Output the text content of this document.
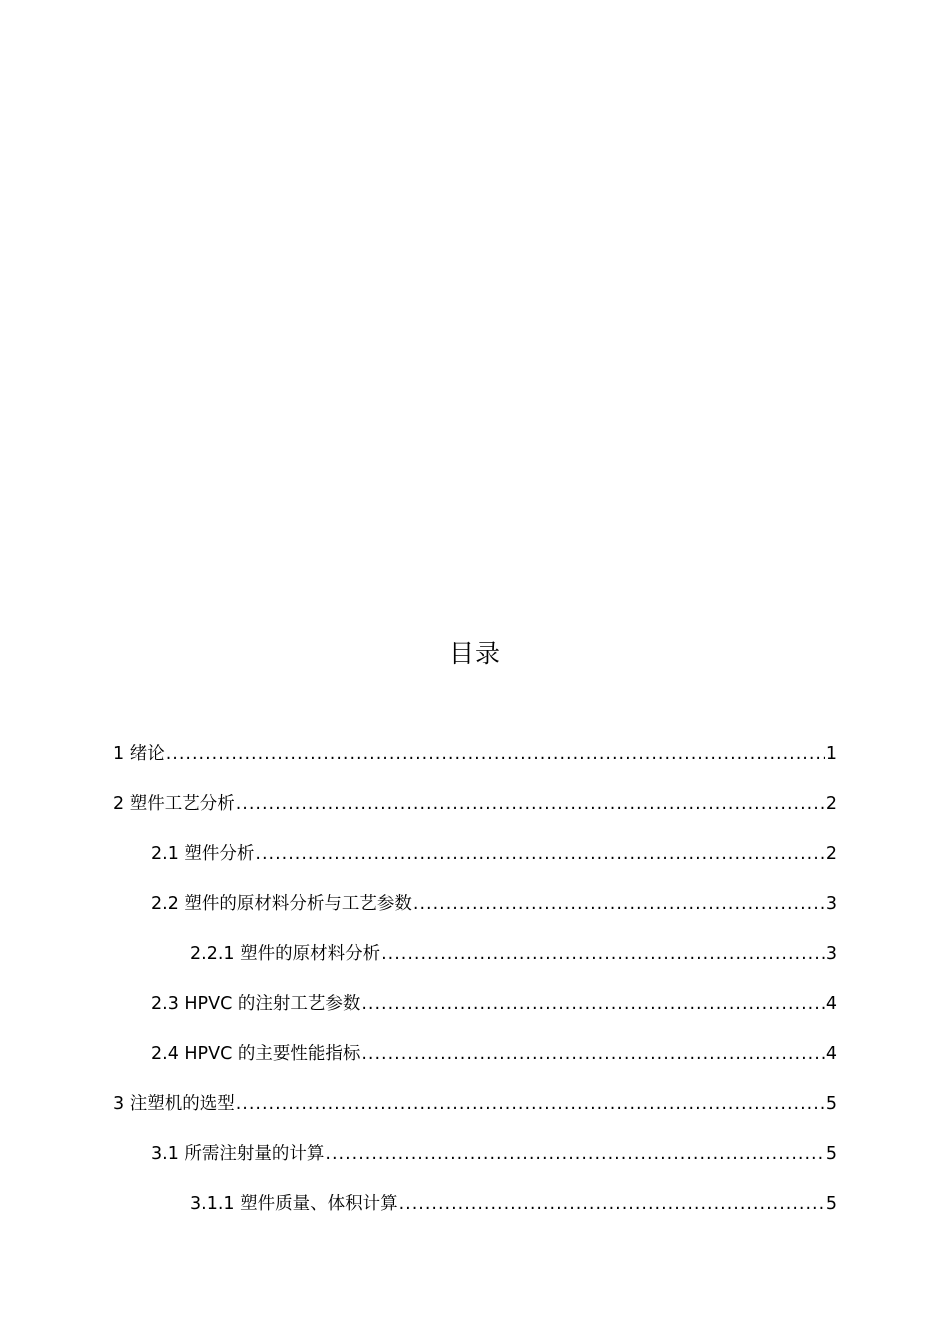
目录
1 绪论 .....	1
2 塑件工艺分析 .....	2
2.1 塑件分析 .....	2
2.2 塑件的原材料分析与工艺参数 .....	3
2.2.1 塑件的原材料分析 .....	3
2.3 HPVC 的注射工艺参数 .....	4
2.4 HPVC 的主要性能指标 .....	4
3 注塑机的选型 .....	5
3.1 所需注射量的计算 .....	5
3.1.1 塑件质量、体积计算 .....	5
